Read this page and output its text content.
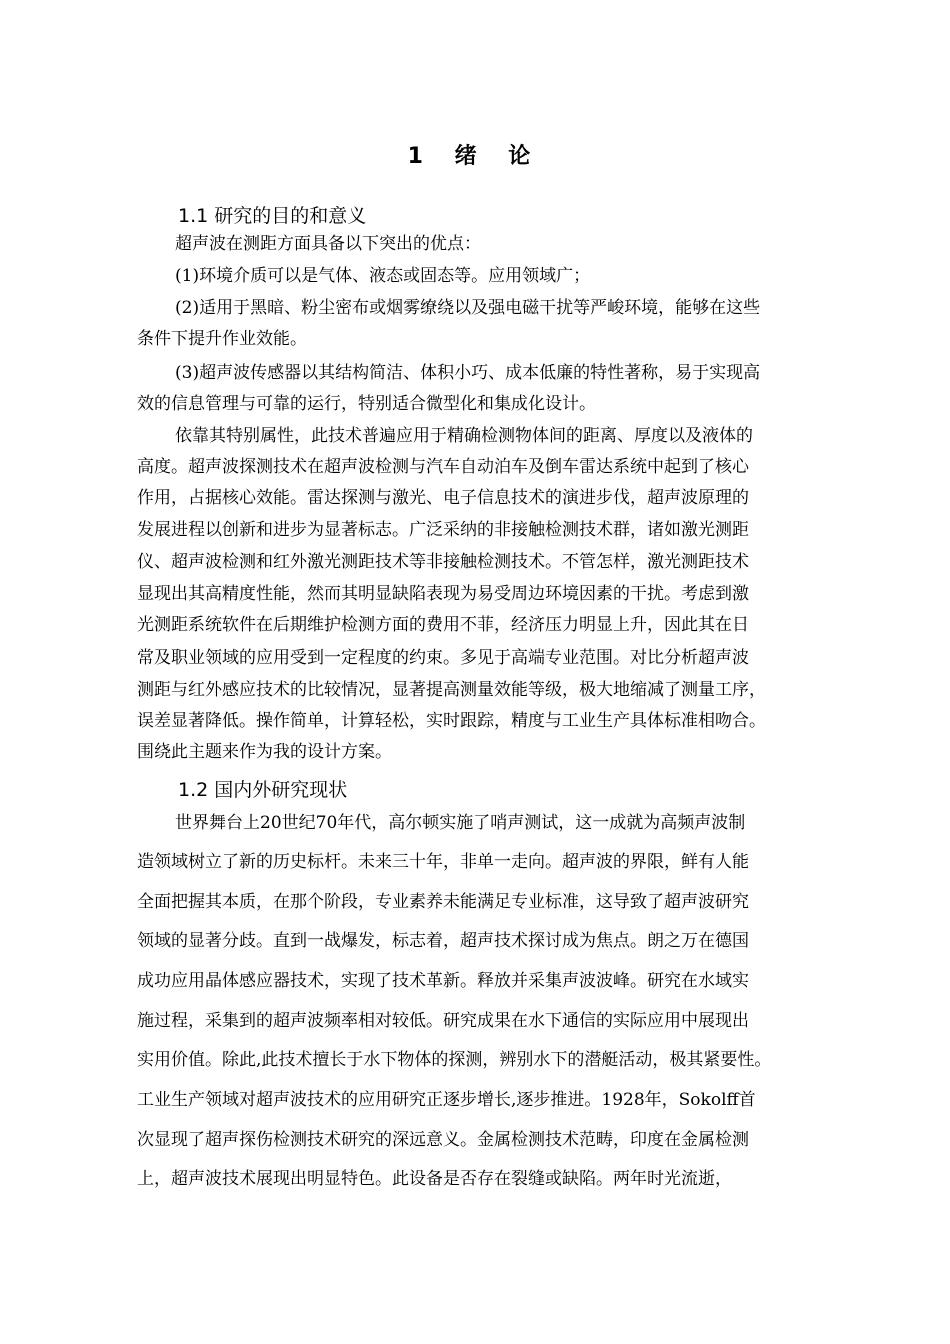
1 绪 论
1.1 研究的目的和意义

超声波在测距方面具备以下突出的优点：

(1)环境介质可以是气体、液态或固态等。应用领域广；

(2)适用于黑暗、粉尘密布或烟雾缭绕以及强电磁干扰等严峻环境，能够在这些

条件下提升作业效能。

(3)超声波传感器以其结构简洁、体积小巧、成本低廉的特性著称，易于实现高

效的信息管理与可靠的运行，特别适合微型化和集成化设计。

依靠其特别属性，此技术普遍应用于精确检测物体间的距离、厚度以及液体的

高度。超声波探测技术在超声波检测与汽车自动泊车及倒车雷达系统中起到了核心

作用，占据核心效能。雷达探测与激光、电子信息技术的演进步伐，超声波原理的

发展进程以创新和进步为显著标志。广泛采纳的非接触检测技术群，诸如激光测距

仪、超声波检测和红外激光测距技术等非接触检测技术。不管怎样，激光测距技术

显现出其高精度性能，然而其明显缺陷表现为易受周边环境因素的干扰。考虑到激

光测距系统软件在后期维护检测方面的费用不菲，经济压力明显上升，因此其在日

常及职业领域的应用受到一定程度的约束。多见于高端专业范围。对比分析超声波

测距与红外感应技术的比较情况，显著提高测量效能等级，极大地缩减了测量工序，

误差显著降低。操作简单，计算轻松，实时跟踪，精度与工业生产具体标准相吻合。

围绕此主题来作为我的设计方案。

1.2 国内外研究现状

世界舞台上20世纪70年代，高尔顿实施了哨声测试，这一成就为高频声波制

造领域树立了新的历史标杆。未来三十年，非单一走向。超声波的界限，鲜有人能

全面把握其本质，在那个阶段，专业素养未能满足专业标准，这导致了超声波研究

领域的显著分歧。直到一战爆发，标志着，超声技术探讨成为焦点。朗之万在德国

成功应用晶体感应器技术，实现了技术革新。释放并采集声波波峰。研究在水域实

施过程，采集到的超声波频率相对较低。研究成果在水下通信的实际应用中展现出

实用价值。除此,此技术擅长于水下物体的探测，辨别水下的潜艇活动，极其紧要性。

工业生产领域对超声波技术的应用研究正逐步增长,逐步推进。1928年，Sokolff首

次显现了超声探伤检测技术研究的深远意义。金属检测技术范畴，印度在金属检测

上，超声波技术展现出明显特色。此设备是否存在裂缝或缺陷。两年时光流逝，
